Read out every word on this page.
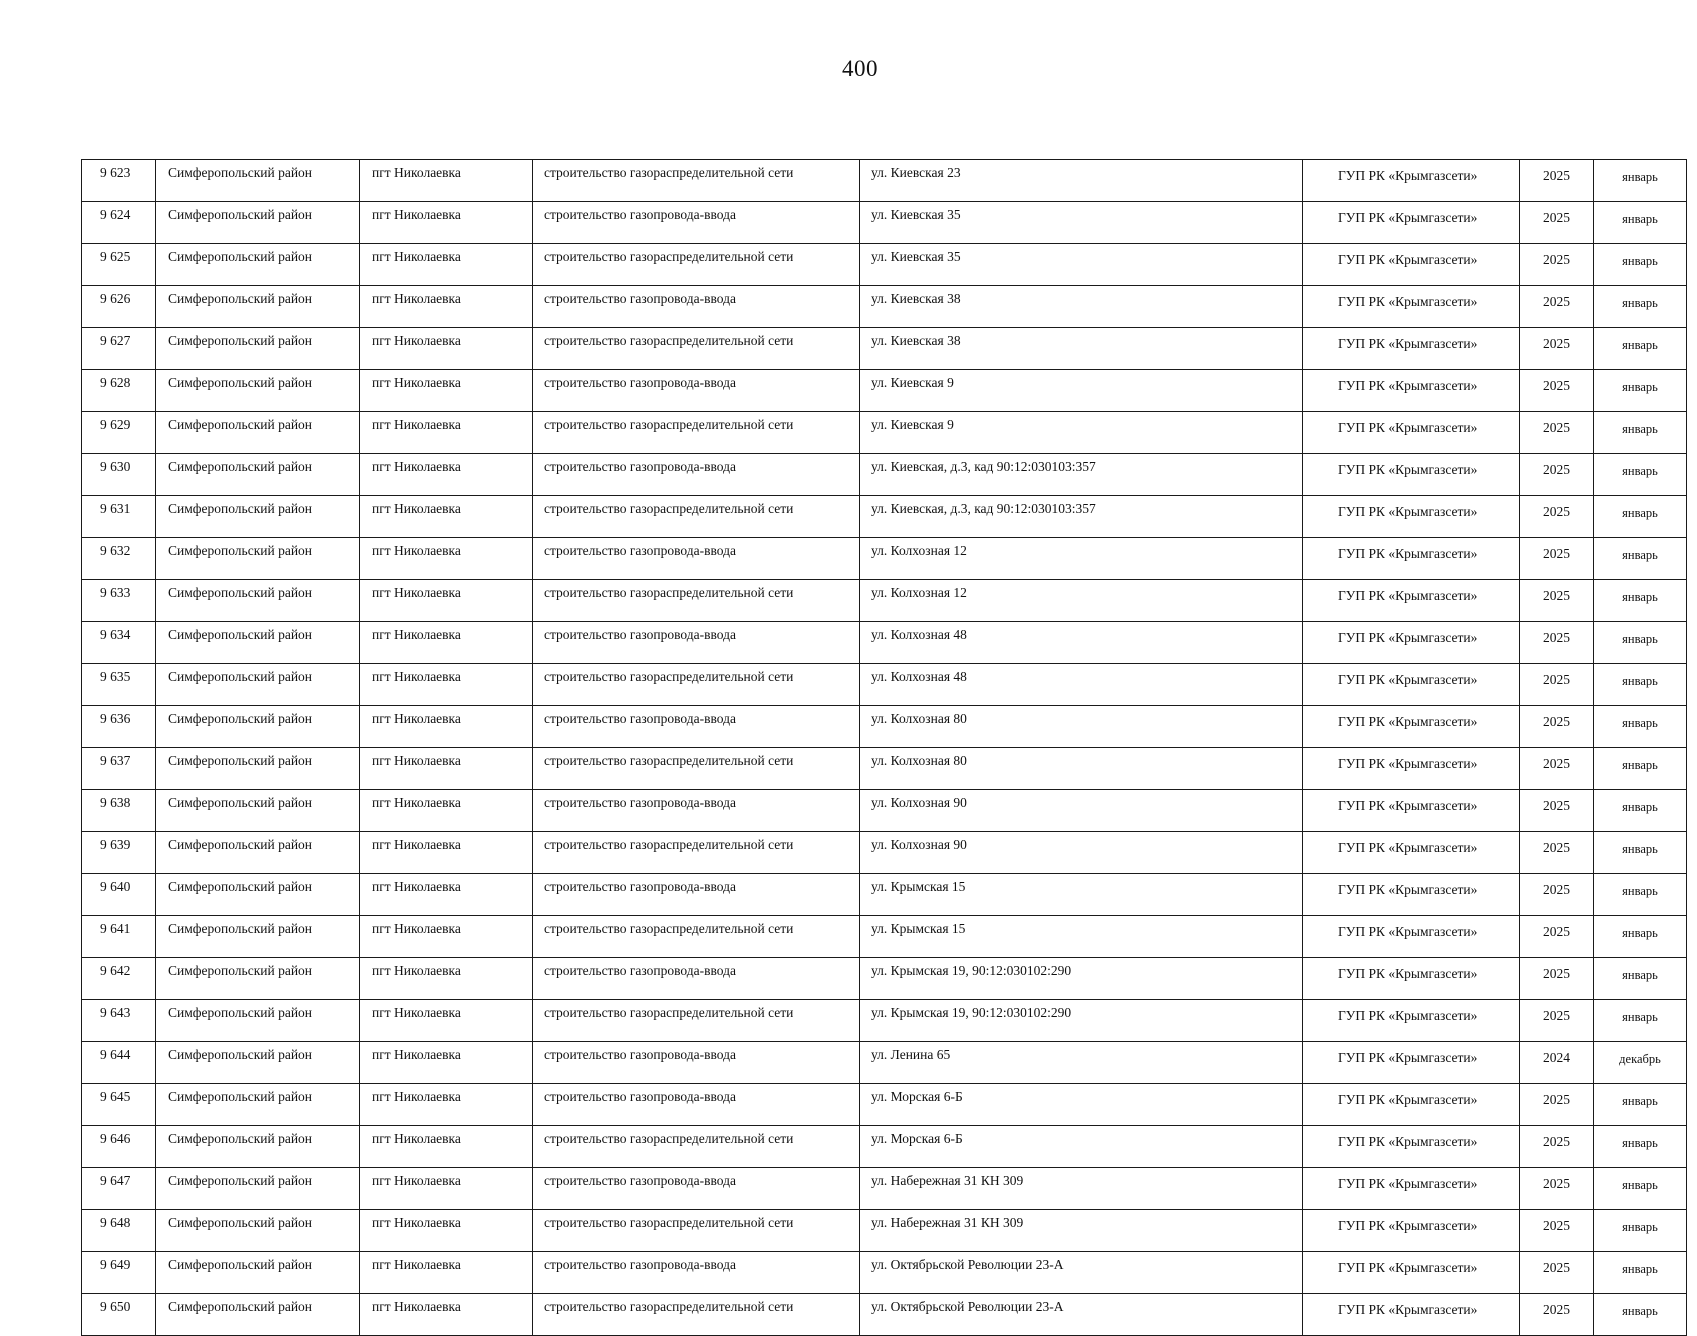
400
9 623	Симферопольский район	пгт Николаевка	строительство газораспределительной сети	ул. Киевская 23	ГУП РК «Крымгазсети»	2025	январь
9 624	Симферопольский район	пгт Николаевка	строительство газопровода-ввода	ул. Киевская 35	ГУП РК «Крымгазсети»	2025	январь
9 625	Симферопольский район	пгт Николаевка	строительство газораспределительной сети	ул. Киевская 35	ГУП РК «Крымгазсети»	2025	январь
9 626	Симферопольский район	пгт Николаевка	строительство газопровода-ввода	ул. Киевская 38	ГУП РК «Крымгазсети»	2025	январь
9 627	Симферопольский район	пгт Николаевка	строительство газораспределительной сети	ул. Киевская 38	ГУП РК «Крымгазсети»	2025	январь
9 628	Симферопольский район	пгт Николаевка	строительство газопровода-ввода	ул. Киевская 9	ГУП РК «Крымгазсети»	2025	январь
9 629	Симферопольский район	пгт Николаевка	строительство газораспределительной сети	ул. Киевская 9	ГУП РК «Крымгазсети»	2025	январь
9 630	Симферопольский район	пгт Николаевка	строительство газопровода-ввода	ул. Киевская, д.3, кад 90:12:030103:357	ГУП РК «Крымгазсети»	2025	январь
9 631	Симферопольский район	пгт Николаевка	строительство газораспределительной сети	ул. Киевская, д.3, кад 90:12:030103:357	ГУП РК «Крымгазсети»	2025	январь
9 632	Симферопольский район	пгт Николаевка	строительство газопровода-ввода	ул. Колхозная 12	ГУП РК «Крымгазсети»	2025	январь
9 633	Симферопольский район	пгт Николаевка	строительство газораспределительной сети	ул. Колхозная 12	ГУП РК «Крымгазсети»	2025	январь
9 634	Симферопольский район	пгт Николаевка	строительство газопровода-ввода	ул. Колхозная 48	ГУП РК «Крымгазсети»	2025	январь
9 635	Симферопольский район	пгт Николаевка	строительство газораспределительной сети	ул. Колхозная 48	ГУП РК «Крымгазсети»	2025	январь
9 636	Симферопольский район	пгт Николаевка	строительство газопровода-ввода	ул. Колхозная 80	ГУП РК «Крымгазсети»	2025	январь
9 637	Симферопольский район	пгт Николаевка	строительство газораспределительной сети	ул. Колхозная 80	ГУП РК «Крымгазсети»	2025	январь
9 638	Симферопольский район	пгт Николаевка	строительство газопровода-ввода	ул. Колхозная 90	ГУП РК «Крымгазсети»	2025	январь
9 639	Симферопольский район	пгт Николаевка	строительство газораспределительной сети	ул. Колхозная 90	ГУП РК «Крымгазсети»	2025	январь
9 640	Симферопольский район	пгт Николаевка	строительство газопровода-ввода	ул. Крымская 15	ГУП РК «Крымгазсети»	2025	январь
9 641	Симферопольский район	пгт Николаевка	строительство газораспределительной сети	ул. Крымская 15	ГУП РК «Крымгазсети»	2025	январь
9 642	Симферопольский район	пгт Николаевка	строительство газопровода-ввода	ул. Крымская 19, 90:12:030102:290	ГУП РК «Крымгазсети»	2025	январь
9 643	Симферопольский район	пгт Николаевка	строительство газораспределительной сети	ул. Крымская 19, 90:12:030102:290	ГУП РК «Крымгазсети»	2025	январь
9 644	Симферопольский район	пгт Николаевка	строительство газопровода-ввода	ул. Ленина 65	ГУП РК «Крымгазсети»	2024	декабрь
9 645	Симферопольский район	пгт Николаевка	строительство газопровода-ввода	ул. Морская 6-Б	ГУП РК «Крымгазсети»	2025	январь
9 646	Симферопольский район	пгт Николаевка	строительство газораспределительной сети	ул. Морская 6-Б	ГУП РК «Крымгазсети»	2025	январь
9 647	Симферопольский район	пгт Николаевка	строительство газопровода-ввода	ул. Набережная 31 КН 309	ГУП РК «Крымгазсети»	2025	январь
9 648	Симферопольский район	пгт Николаевка	строительство газораспределительной сети	ул. Набережная 31 КН 309	ГУП РК «Крымгазсети»	2025	январь
9 649	Симферопольский район	пгт Николаевка	строительство газопровода-ввода	ул. Октябрьской Революции 23-А	ГУП РК «Крымгазсети»	2025	январь
9 650	Симферопольский район	пгт Николаевка	строительство газораспределительной сети	ул. Октябрьской Революции 23-А	ГУП РК «Крымгазсети»	2025	январь
